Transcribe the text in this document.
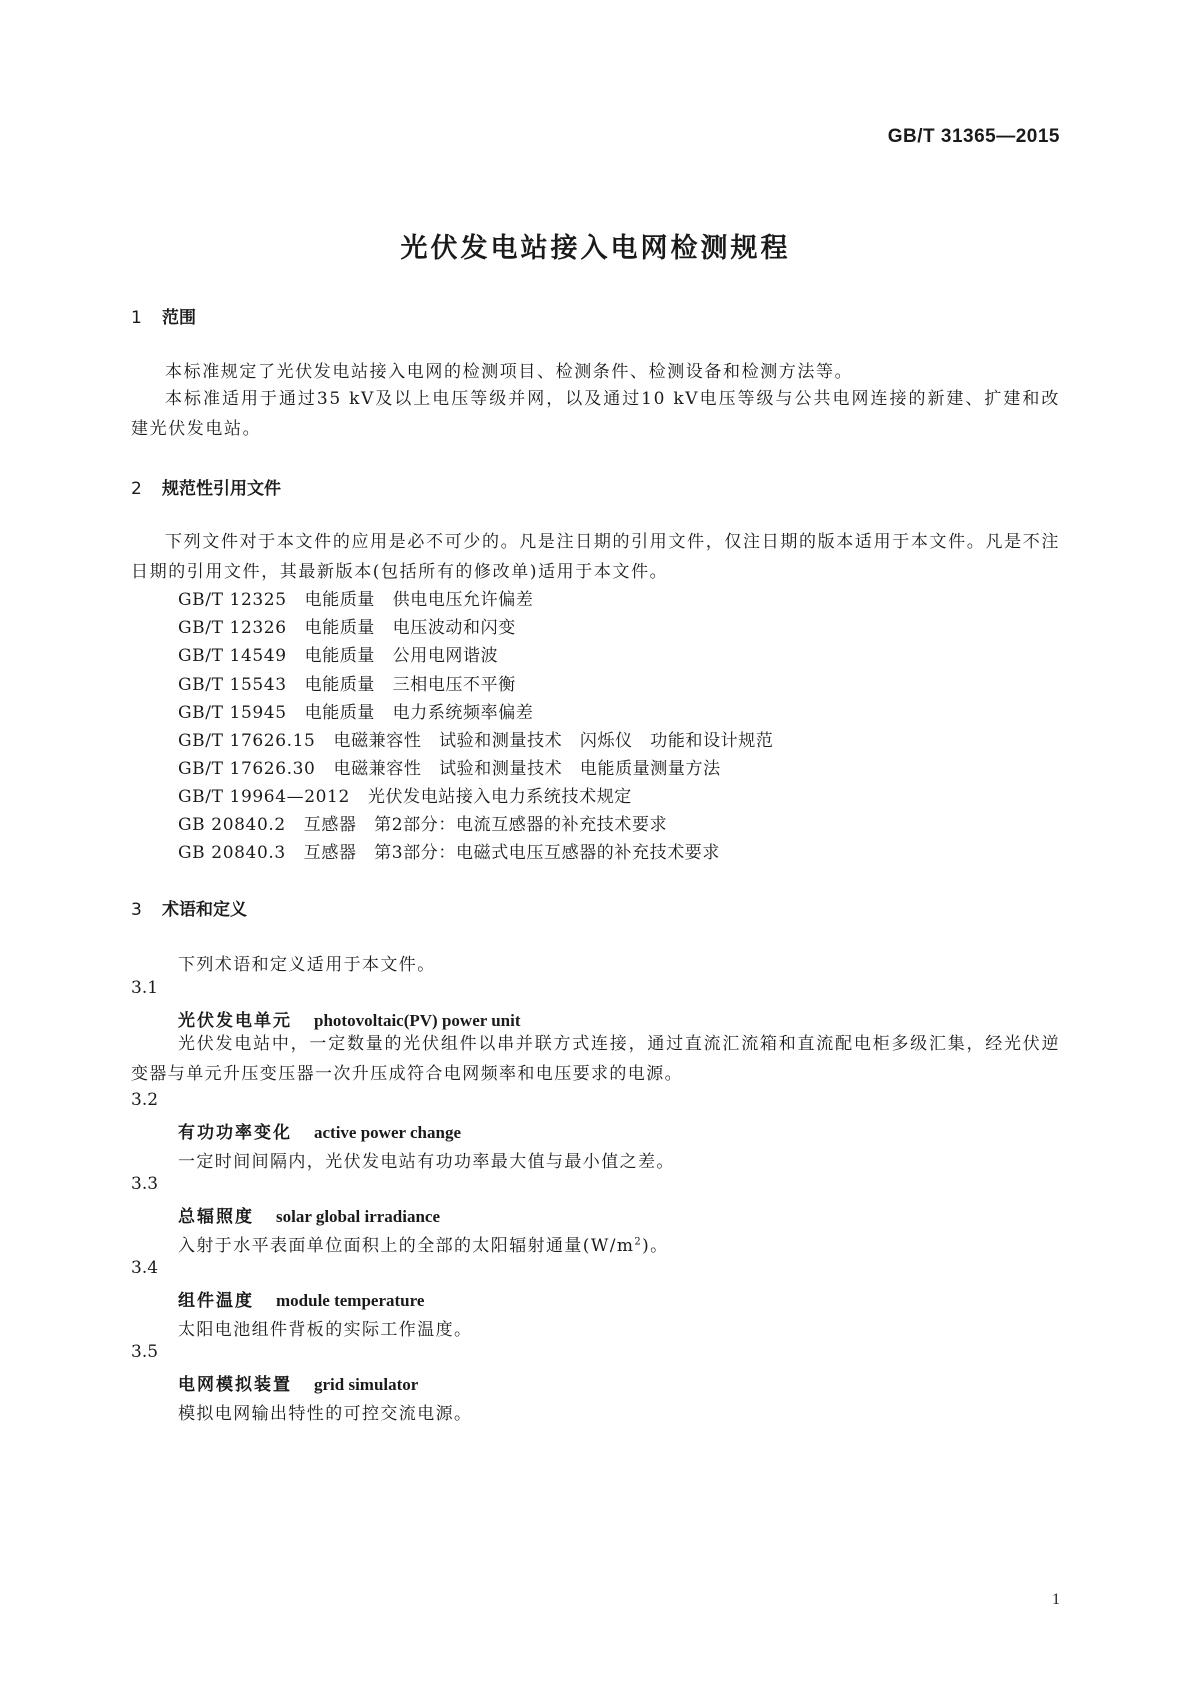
GB/T 31365—2015
光伏发电站接入电网检测规程
1 范围
本标准规定了光伏发电站接入电网的检测项目、检测条件、检测设备和检测方法等。
本标准适用于通过35 kV及以上电压等级并网，以及通过10 kV电压等级与公共电网连接的新建、扩建和改建光伏发电站。
2 规范性引用文件
下列文件对于本文件的应用是必不可少的。凡是注日期的引用文件，仅注日期的版本适用于本文件。凡是不注日期的引用文件，其最新版本(包括所有的修改单)适用于本文件。
GB/T 12325 电能质量　供电电压允许偏差
GB/T 12326 电能质量　电压波动和闪变
GB/T 14549 电能质量　公用电网谐波
GB/T 15543 电能质量　三相电压不平衡
GB/T 15945 电能质量　电力系统频率偏差
GB/T 17626.15 电磁兼容性　试验和测量技术　闪烁仪　功能和设计规范
GB/T 17626.30 电磁兼容性　试验和测量技术　电能质量测量方法
GB/T 19964—2012 光伏发电站接入电力系统技术规定
GB 20840.2 互感器　第2部分：电流互感器的补充技术要求
GB 20840.3 互感器　第3部分：电磁式电压互感器的补充技术要求
3 术语和定义
下列术语和定义适用于本文件。
3.1
光伏发电单元 photovoltaic(PV) power unit
光伏发电站中，一定数量的光伏组件以串并联方式连接，通过直流汇流箱和直流配电柜多级汇集，经光伏逆变器与单元升压变压器一次升压成符合电网频率和电压要求的电源。
3.2
有功功率变化 active power change
一定时间间隔内，光伏发电站有功功率最大值与最小值之差。
3.3
总辐照度 solar global irradiance
入射于水平表面单位面积上的全部的太阳辐射通量$(W/m^2)$。
3.4
组件温度 module temperature
太阳电池组件背板的实际工作温度。
3.5
电网模拟装置 grid simulator
模拟电网输出特性的可控交流电源。
1
